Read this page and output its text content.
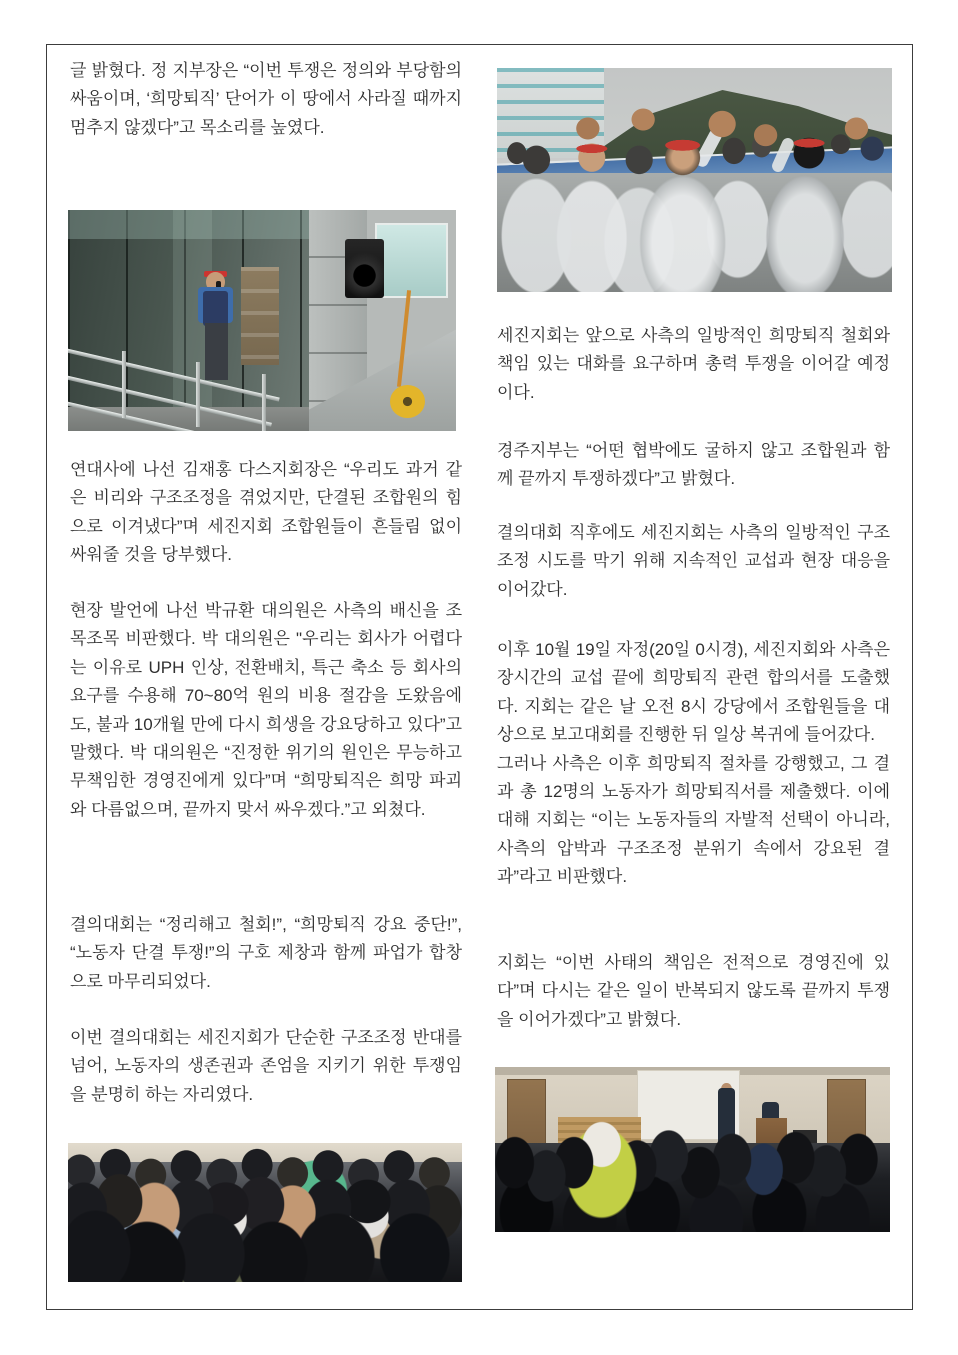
글 밝혔다. 정 지부장은 “이번 투쟁은 정의와 부당함의 싸움이며, ‘희망퇴직’ 단어가 이 땅에서 사라질 때까지 멈추지 않겠다”고 목소리를 높였다.
연대사에 나선 김재홍 다스지회장은 “우리도 과거 같은 비리와 구조조정을 겪었지만, 단결된 조합원의 힘으로 이겨냈다”며 세진지회 조합원들이 흔들림 없이 싸워줄 것을 당부했다.
현장 발언에 나선 박규환 대의원은 사측의 배신을 조목조목 비판했다. 박 대의원은 "우리는 회사가 어렵다는 이유로 UPH 인상, 전환배치, 특근 축소 등 회사의 요구를 수용해 70~80억 원의 비용 절감을 도왔음에도, 불과 10개월 만에 다시 희생을 강요당하고 있다”고 말했다. 박 대의원은 “진정한 위기의 원인은 무능하고 무책임한 경영진에게 있다”며 “희망퇴직은 희망 파괴와 다름없으며, 끝까지 맞서 싸우겠다.”고 외쳤다.
결의대회는 “정리해고 철회!”, “희망퇴직 강요 중단!”, “노동자 단결 투쟁!”의 구호 제창과 함께 파업가 합창으로 마무리되었다.
이번 결의대회는 세진지회가 단순한 구조조정 반대를 넘어, 노동자의 생존권과 존엄을 지키기 위한 투쟁임을 분명히 하는 자리였다.
세진지회는 앞으로 사측의 일방적인 희망퇴직 철회와 책임 있는 대화를 요구하며 총력 투쟁을 이어갈 예정이다.
경주지부는 “어떤 협박에도 굴하지 않고 조합원과 함께 끝까지 투쟁하겠다”고 밝혔다.
결의대회 직후에도 세진지회는 사측의 일방적인 구조조정 시도를 막기 위해 지속적인 교섭과 현장 대응을 이어갔다.

이후 10월 19일 자정(20일 0시경), 세진지회와 사측은 장시간의 교섭 끝에 희망퇴직 관련 합의서를 도출했다. 지회는 같은 날 오전 8시 강당에서 조합원들을 대상으로 보고대회를 진행한 뒤 일상 복귀에 들어갔다.

그러나 사측은 이후 희망퇴직 절차를 강행했고, 그 결과 총 12명의 노동자가 희망퇴직서를 제출했다. 이에 대해 지회는 “이는 노동자들의 자발적 선택이 아니라, 사측의 압박과 구조조정 분위기 속에서 강요된 결과”라고 비판했다.

지회는 “이번 사태의 책임은 전적으로 경영진에 있다”며 다시는 같은 일이 반복되지 않도록 끝까지 투쟁을 이어가겠다”고 밝혔다.
